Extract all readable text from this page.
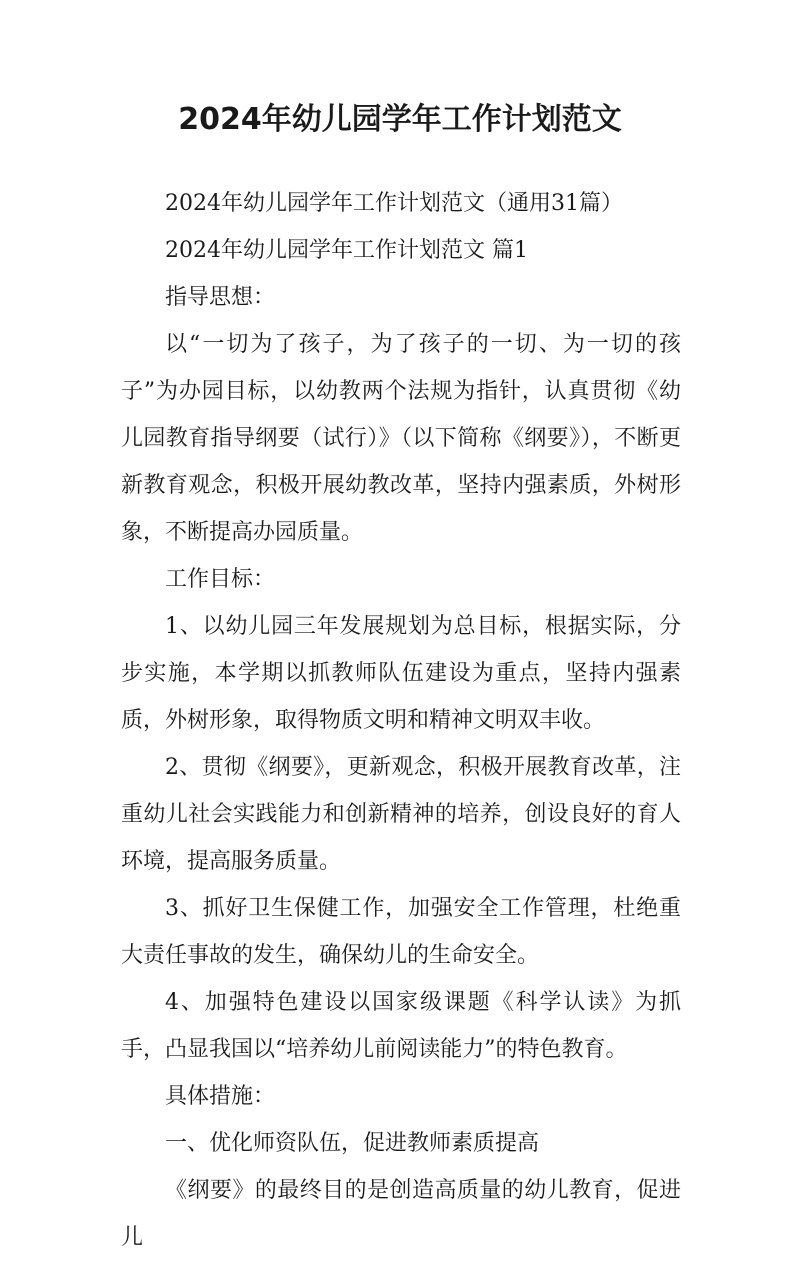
2024年幼儿园学年工作计划范文

2024年幼儿园学年工作计划范文（通用31篇）

2024年幼儿园学年工作计划范文 篇1

指导思想：

以“一切为了孩子，为了孩子的一切、为一切的孩子”为办园目标，以幼教两个法规为指针，认真贯彻《幼儿园教育指导纲要（试行）》（以下简称《纲要》），不断更新教育观念，积极开展幼教改革，坚持内强素质，外树形象，不断提高办园质量。

工作目标：

1、以幼儿园三年发展规划为总目标，根据实际，分步实施，本学期以抓教师队伍建设为重点，坚持内强素质，外树形象，取得物质文明和精神文明双丰收。

2、贯彻《纲要》，更新观念，积极开展教育改革，注重幼儿社会实践能力和创新精神的培养，创设良好的育人环境，提高服务质量。

3、抓好卫生保健工作，加强安全工作管理，杜绝重大责任事故的发生，确保幼儿的生命安全。

4、加强特色建设以国家级课题《科学认读》为抓手，凸显我国以“培养幼儿前阅读能力”的特色教育。

具体措施：

一、优化师资队伍，促进教师素质提高

《纲要》的最终目的是创造高质量的幼儿教育，促进儿
